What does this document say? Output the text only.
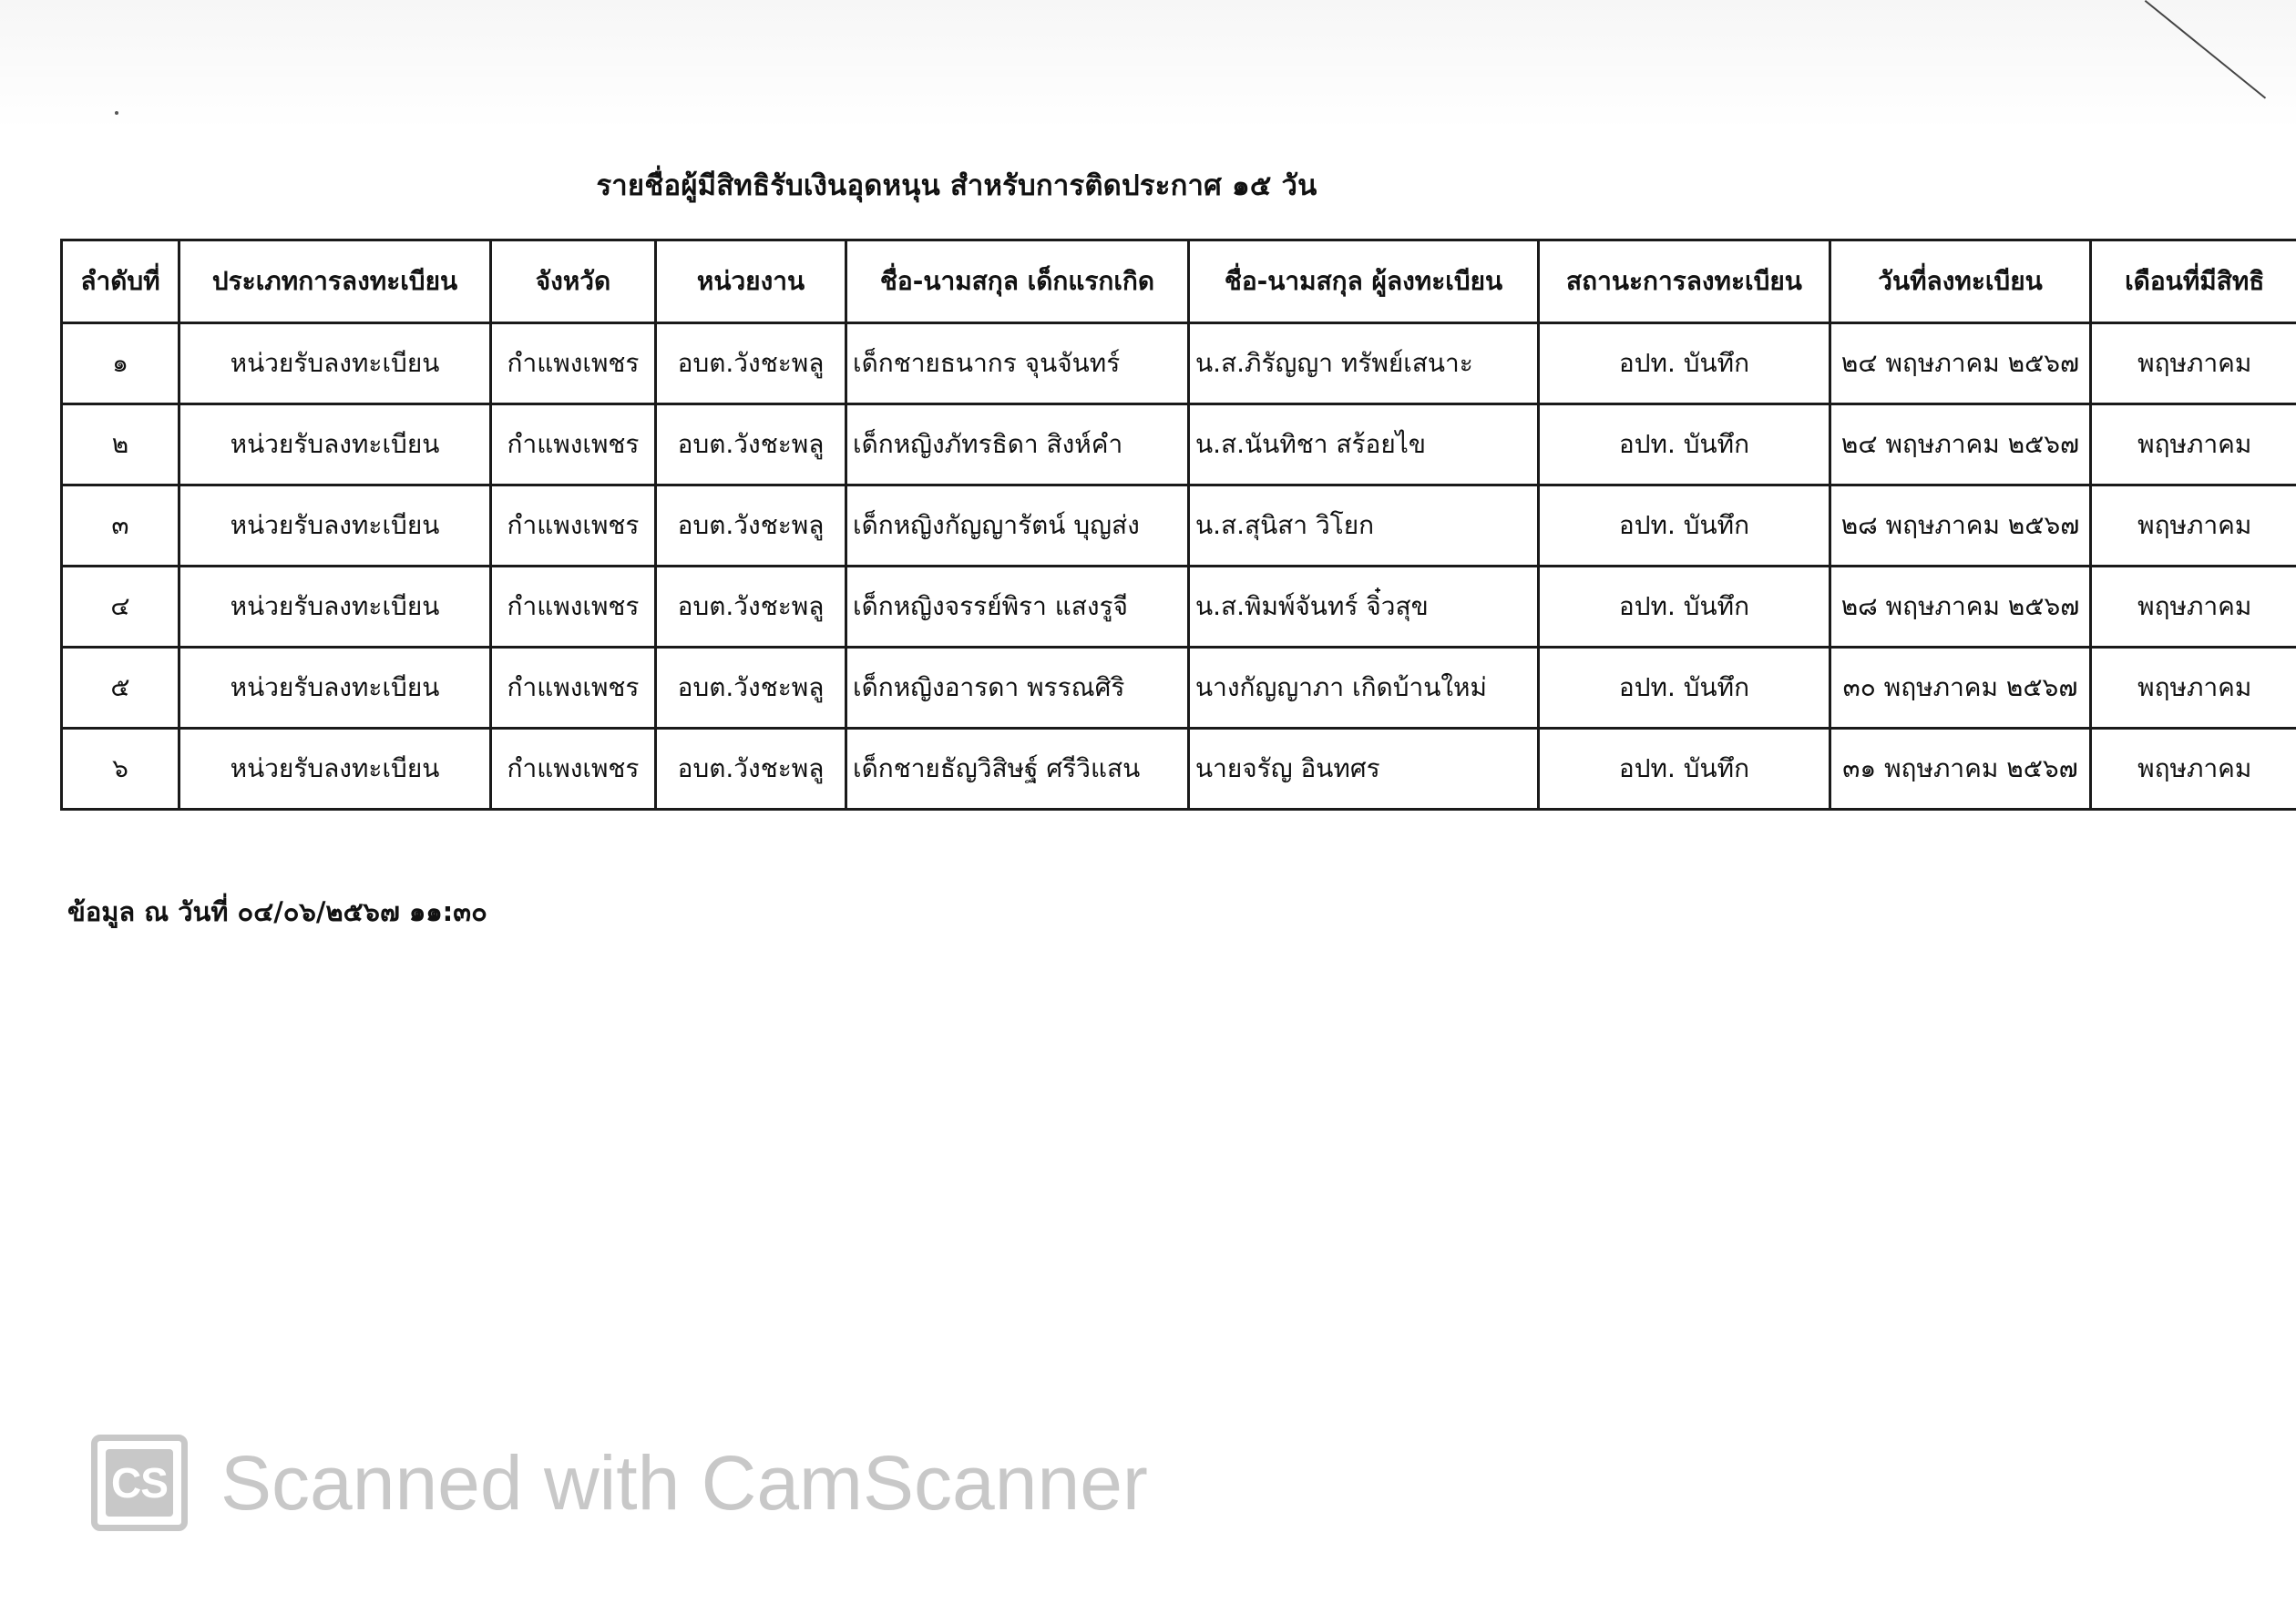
รายชื่อผู้มีสิทธิรับเงินอุดหนุน สำหรับการติดประกาศ ๑๕ วัน
ลำดับที่	ประเภทการลงทะเบียน	จังหวัด	หน่วยงาน	ชื่อ-นามสกุล เด็กแรกเกิด	ชื่อ-นามสกุล ผู้ลงทะเบียน	สถานะการลงทะเบียน	วันที่ลงทะเบียน	เดือนที่มีสิทธิ
๑	หน่วยรับลงทะเบียน	กำแพงเพชร	อบต.วังชะพลู	เด็กชายธนากร จุนจันทร์	น.ส.ภิรัญญา ทรัพย์เสนาะ	อปท. บันทึก	๒๔ พฤษภาคม ๒๕๖๗	พฤษภาคม
๒	หน่วยรับลงทะเบียน	กำแพงเพชร	อบต.วังชะพลู	เด็กหญิงภัทรธิดา สิงห์คำ	น.ส.นันทิชา สร้อยไข	อปท. บันทึก	๒๔ พฤษภาคม ๒๕๖๗	พฤษภาคม
๓	หน่วยรับลงทะเบียน	กำแพงเพชร	อบต.วังชะพลู	เด็กหญิงกัญญารัตน์ บุญส่ง	น.ส.สุนิสา วิโยก	อปท. บันทึก	๒๘ พฤษภาคม ๒๕๖๗	พฤษภาคม
๔	หน่วยรับลงทะเบียน	กำแพงเพชร	อบต.วังชะพลู	เด็กหญิงจรรย์พิรา แสงรูจี	น.ส.พิมพ์จันทร์ จิ๋วสุข	อปท. บันทึก	๒๘ พฤษภาคม ๒๕๖๗	พฤษภาคม
๕	หน่วยรับลงทะเบียน	กำแพงเพชร	อบต.วังชะพลู	เด็กหญิงอารดา พรรณศิริ	นางกัญญาภา เกิดบ้านใหม่	อปท. บันทึก	๓๐ พฤษภาคม ๒๕๖๗	พฤษภาคม
๖	หน่วยรับลงทะเบียน	กำแพงเพชร	อบต.วังชะพลู	เด็กชายธัญวิสิษฐ์ ศรีวิแสน	นายจรัญ อินทศร	อปท. บันทึก	๓๑ พฤษภาคม ๒๕๖๗	พฤษภาคม
ข้อมูล ณ วันที่ ๐๔/๐๖/๒๕๖๗ ๑๑:๓๐
CS Scanned with CamScanner
